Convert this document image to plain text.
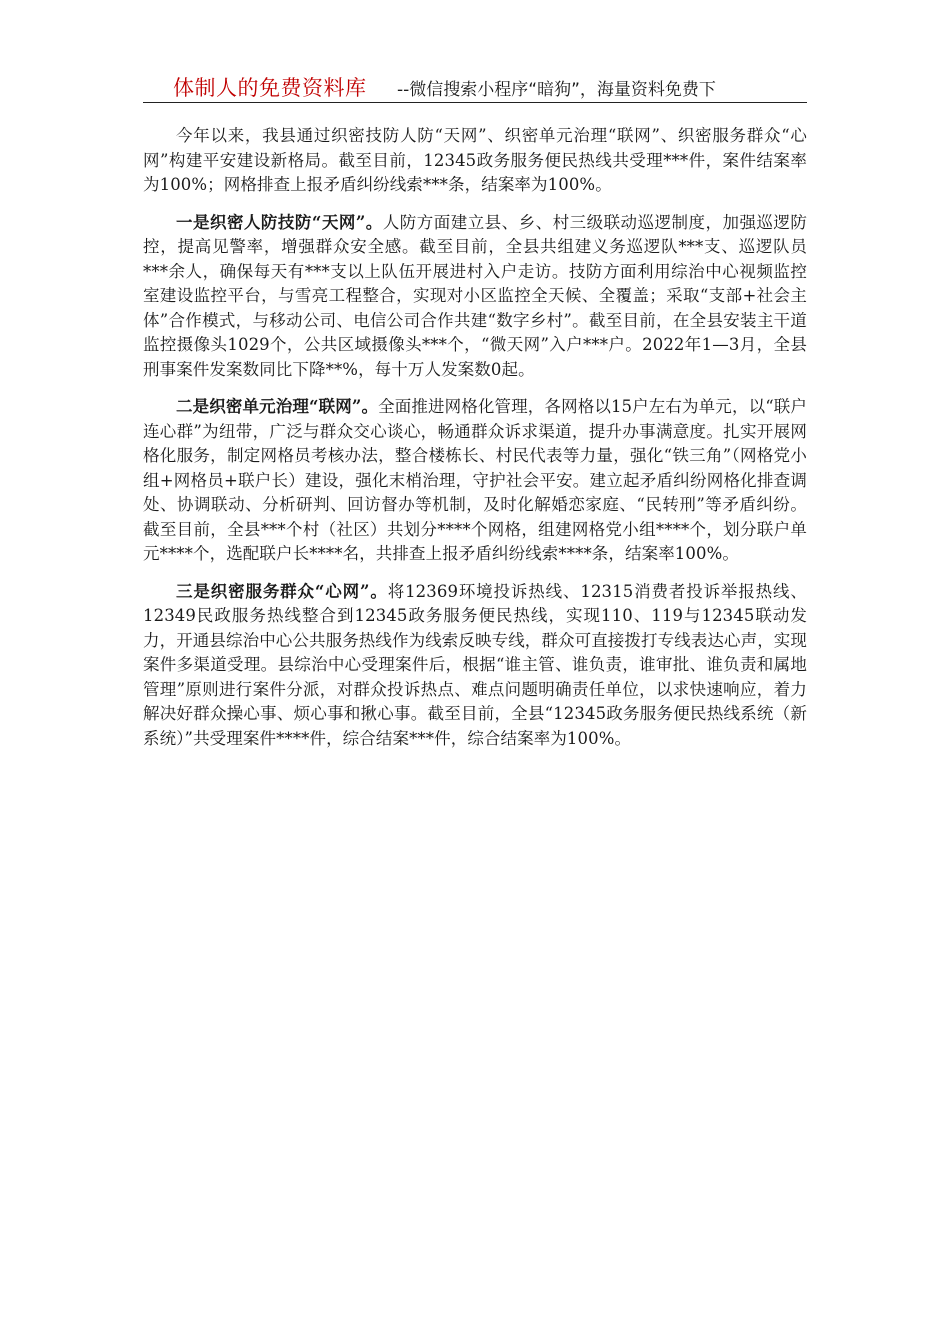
体制人的免费资料库 --微信搜索小程序“暗狗”，海量资料免费下

今年以来，我县通过织密技防人防“天网”、织密单元治理“联网”、织密服务群众“心网”构建平安建设新格局。截至目前，12345政务服务便民热线共受理***件，案件结案率为100%；网格排查上报矛盾纠纷线索***条，结案率为100%。

一是织密人防技防“天网”。人防方面建立县、乡、村三级联动巡逻制度，加强巡逻防控，提高见警率，增强群众安全感。截至目前，全县共组建义务巡逻队***支、巡逻队员***余人，确保每天有***支以上队伍开展进村入户走访。技防方面利用综治中心视频监控室建设监控平台，与雪亮工程整合，实现对小区监控全天候、全覆盖；采取“支部+社会主体”合作模式，与移动公司、电信公司合作共建“数字乡村”。截至目前，在全县安装主干道监控摄像头1029个，公共区域摄像头***个，“微天网”入户***户。2022年1—3月，全县刑事案件发案数同比下降**%，每十万人发案数0起。

二是织密单元治理“联网”。全面推进网格化管理，各网格以15户左右为单元，以“联户连心群”为纽带，广泛与群众交心谈心，畅通群众诉求渠道，提升办事满意度。扎实开展网格化服务，制定网格员考核办法，整合楼栋长、村民代表等力量，强化“铁三角”（网格党小组+网格员+联户长）建设，强化末梢治理，守护社会平安。建立起矛盾纠纷网格化排查调处、协调联动、分析研判、回访督办等机制，及时化解婚恋家庭、“民转刑”等矛盾纠纷。截至目前，全县***个村（社区）共划分****个网格，组建网格党小组****个，划分联户单元****个，选配联户长****名，共排查上报矛盾纠纷线索****条，结案率100%。

三是织密服务群众“心网”。将12369环境投诉热线、12315消费者投诉举报热线、12349民政服务热线整合到12345政务服务便民热线，实现110、119与12345联动发力，开通县综治中心公共服务热线作为线索反映专线，群众可直接拨打专线表达心声，实现案件多渠道受理。县综治中心受理案件后，根据“谁主管、谁负责，谁审批、谁负责和属地管理”原则进行案件分派，对群众投诉热点、难点问题明确责任单位，以求快速响应，着力解决好群众操心事、烦心事和揪心事。截至目前，全县“12345政务服务便民热线系统（新系统）”共受理案件****件，综合结案***件，综合结案率为100%。
